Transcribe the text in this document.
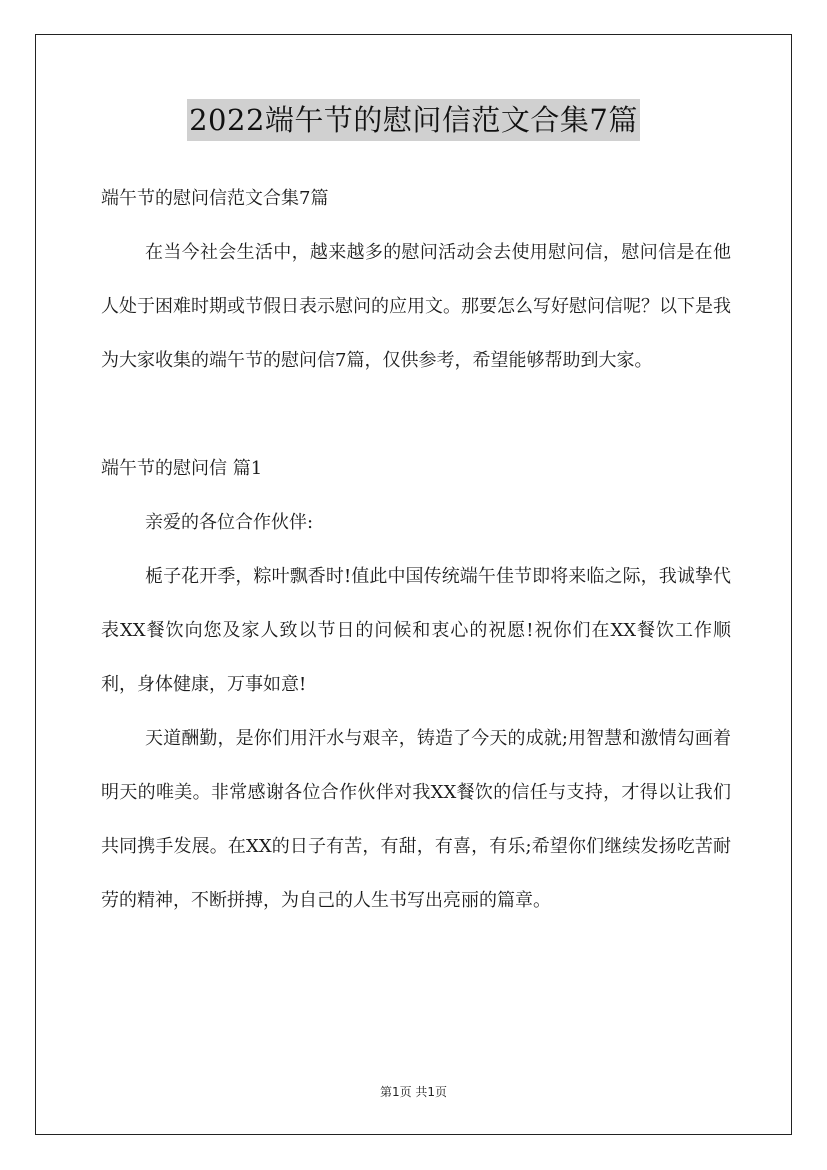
2022端午节的慰问信范文合集7篇

端午节的慰问信范文合集7篇

在当今社会生活中，越来越多的慰问活动会去使用慰问信，慰问信是在他人处于困难时期或节假日表示慰问的应用文。那要怎么写好慰问信呢？以下是我为大家收集的端午节的慰问信7篇，仅供参考，希望能够帮助到大家。

端午节的慰问信 篇1

亲爱的各位合作伙伴:

栀子花开季，粽叶飘香时!值此中国传统端午佳节即将来临之际，我诚挚代表XX餐饮向您及家人致以节日的问候和衷心的祝愿!祝你们在XX餐饮工作顺利，身体健康，万事如意!

天道酬勤，是你们用汗水与艰辛，铸造了今天的成就;用智慧和激情勾画着明天的唯美。非常感谢各位合作伙伴对我XX餐饮的信任与支持，才得以让我们共同携手发展。在XX的日子有苦，有甜，有喜，有乐;希望你们继续发扬吃苦耐劳的精神，不断拼搏，为自己的人生书写出亮丽的篇章。

第1页 共1页
